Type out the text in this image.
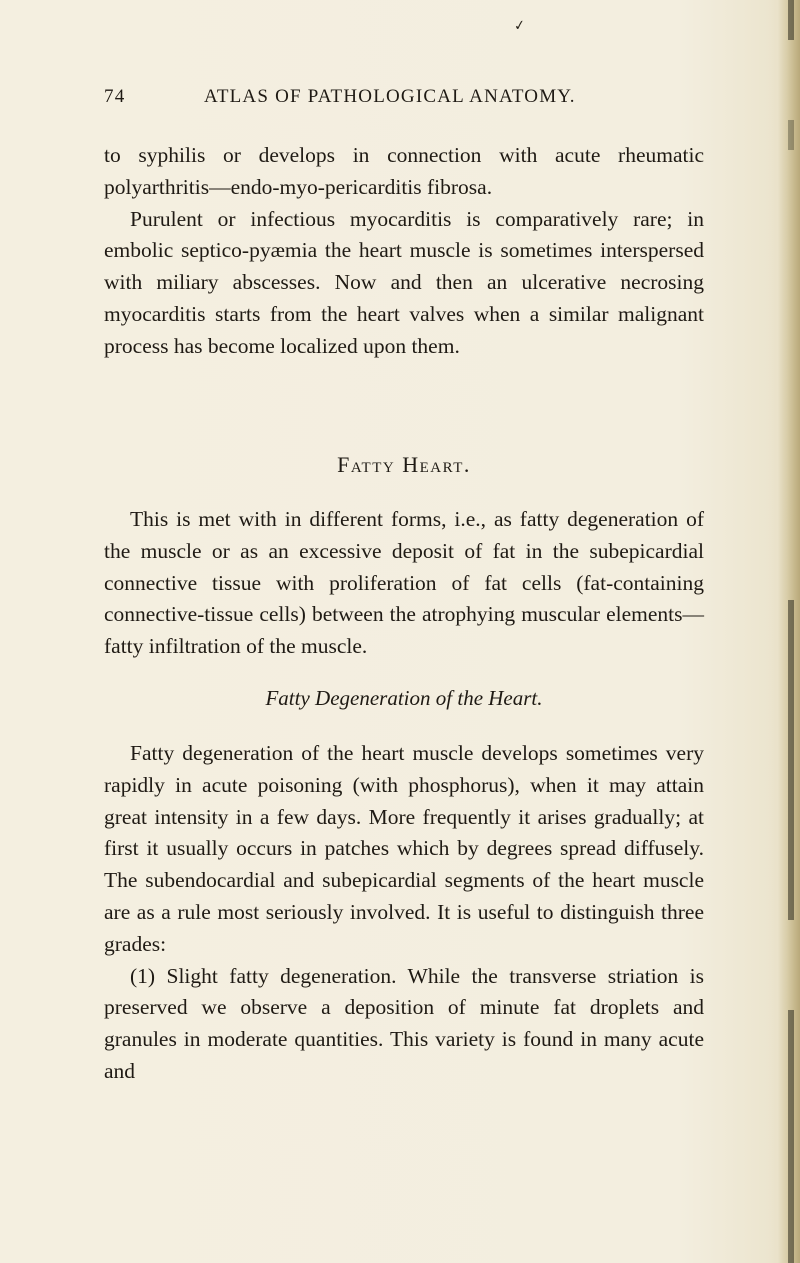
✓
74	ATLAS OF PATHOLOGICAL ANATOMY.

to syphilis or develops in connection with acute rheumatic polyarthritis—endo-myo-pericarditis fibrosa.

Purulent or infectious myocarditis is comparatively rare; in embolic septico-pyæmia the heart muscle is sometimes interspersed with miliary abscesses. Now and then an ulcerative necrosing myocarditis starts from the heart valves when a similar malignant process has become localized upon them.

Fatty Heart.

This is met with in different forms, i.e., as fatty degeneration of the muscle or as an excessive deposit of fat in the subepicardial connective tissue with proliferation of fat cells (fat-containing connective-tissue cells) between the atrophying muscular elements—fatty infiltration of the muscle.

Fatty Degeneration of the Heart.

Fatty degeneration of the heart muscle develops sometimes very rapidly in acute poisoning (with phosphorus), when it may attain great intensity in a few days. More frequently it arises gradually; at first it usually occurs in patches which by degrees spread diffusely. The subendocardial and subepicardial segments of the heart muscle are as a rule most seriously involved. It is useful to distinguish three grades:

(1) Slight fatty degeneration. While the transverse striation is preserved we observe a deposition of minute fat droplets and granules in moderate quantities. This variety is found in many acute and
